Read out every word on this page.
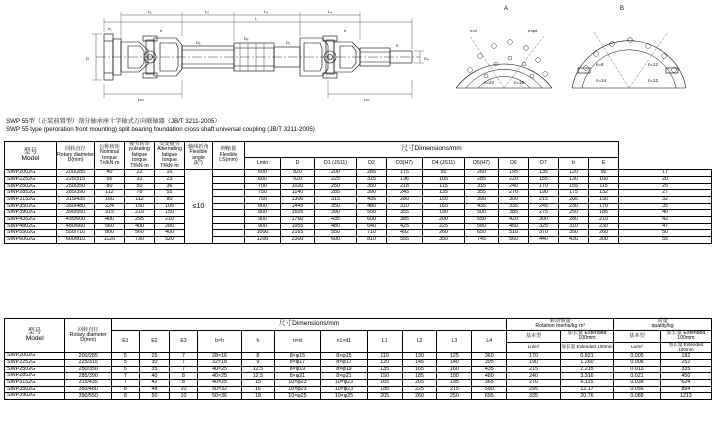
L
L₁	L₂	L₃	L₄
h₁	h
D₅
D₆
D₇
h
E
Lm	Lm
D	D₄
A
n×d	n×φd
n=22	n=16
B
n=8	n=12
n=14	n=12
SWP 55型（正装前置型）剖分轴承座十字轴式万向联轴器（JB/T 3211-2005）
SWP 55 type (peroration front mounting) split bearing foundation cross shaft universal coupling (JB/T 3211-2005)
型号
Model

回转直径
Rotary diameter
D(mm)

公称转矩
Nominal torque
Tn/kN·m

疲劳转矩
pulsating fatigue torque
Tf/kN·m

交变疲劳
Alternating fatigue torque
Tf/kN·m

轴线折角
Flexible angle
β(°)

伸缩量
Flexible LS(mm)
	尺寸Dimensions/mm
							Lmin	D	D1 (JS11)	D2	D3(H7)	D4 (JS11)	D5(H7)	D6	D7	b	E	
SWP2002G	200/285	40	22	16	≤10		600	820	200	285	175	90	260	195	135	120	90	17
SWP2252G	225/315	56	32	23			600	920	225	315	196	105	285	220	155	130	100	20
SWP2502G	250/350	80	50	36			700	1020	250	350	218	115	315	240	170	155	115	25
SWP2852G	285/390	112	78	55			750	1140	285	390	245	135	355	270	190	175	132	27
SWP3152G	315/435	160	112	80			750	1300	315	435	280	150	390	300	215	205	150	32
SWP3502G	350/480	224	150	105			800	1445	350	480	310	165	435	335	245	230	170	35
SWP3902G	390/550	315	210	150			800	1605	390	550	355	190	500	385	275	250	185	40
SWP4352G	435/600	400	295	210			900	1760	435	600	385	200	550	420	300	280	210	42
SWP4802G	480/660	560	400	280			900	1955	480	640	425	225	580	450	325	310	230	47
SWP5502G	550/710	800	560	400			1000	2165	550	710	492	260	650	510	370	350	260	50
SWP6002G	600/810	1120	730	520			1200	2300	600	810	555	350	745	560	440	430	300	55
型号
Model

回转直径
Rotary diameter
D(mm)
	尺寸Dimensions/mm	转动惯量
Rotation Inertia/kg·m²

质量
quality/kg

		E1	E2	E3	b×h	h	n×d	n1×d1	L1	L2	L3	L4	基本型	加长量 Extended 100mm	基本型	加长量 Extended 100mm
													Ln/m²	加长量 Extended 100mm	Ln/m²	加长量 Extended 100mm
SWP2002G	200/285	5	25	7	28×16	8	8×φ15	8×φ15	110	130	125	360	170	0.821	0.005	182
SWP2252G	225/315	5	30	7	32×18	9	8×φ17	8×φ17	120	145	140	395	190	1.260	0.008	252
SWP2502G	250/350	5	35	7	40×25	12.5	8×φ19	8×φ19	135	165	160	435	215	2.215	0.013	335
SWP2852G	285/390	7	40	8	40×25	12.5	8×φ21	8×φ21	150	185	180	480	240	3.316	0.021	450
SWP3152G	315/435	7	42	8	40×25	15	10×φ23	10×φ23	165	205	195	365	270	6.115	0.038	624
SWP3502G	350/480	8	48	10	50×32	16	10×φ23	10×φ23	185	225	215	590	295	12.17	0.056	894
SWP3902G	390/550	8	50	10	50×36	18	10×φ25	10×φ25	205	260	250	695	335	20.76	0.088	1213
